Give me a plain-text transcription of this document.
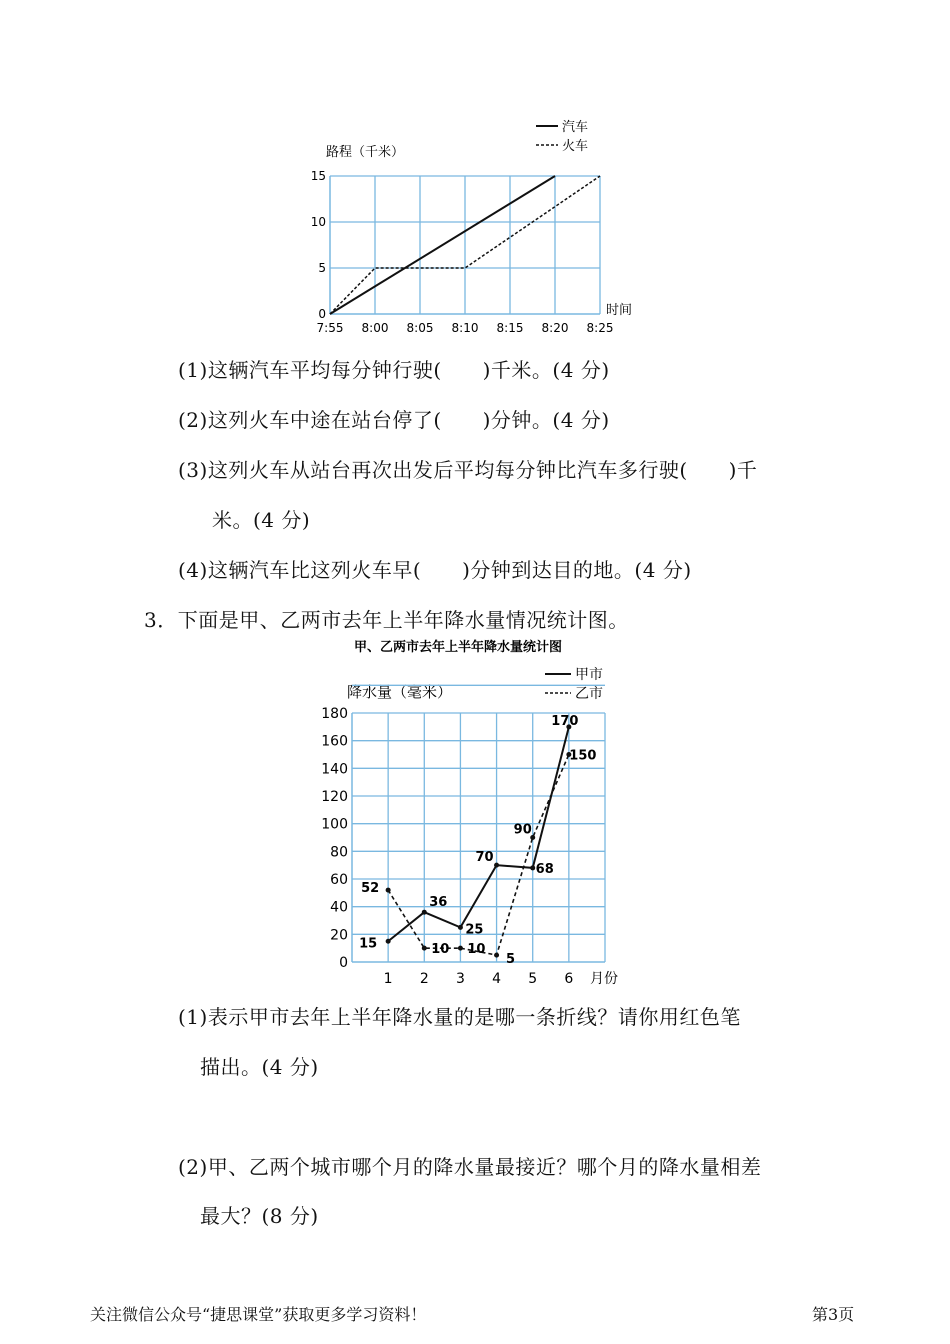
路程（千米）
时间
0
5
10
15
7:55 8:00 8:05 8:10 8:15 8:20 8:25
汽车
火车
(1)这辆汽车平均每分钟行驶(　　)千米。(4 分)
(2)这列火车中途在站台停了(　　)分钟。(4 分)
(3)这列火车从站台再次出发后平均每分钟比汽车多行驶(　　)千
米。(4 分)
(4)这辆汽车比这列火车早(　　)分钟到达目的地。(4 分)
3．下面是甲、乙两市去年上半年降水量情况统计图。
甲、乙两市去年上半年降水量统计图
降水量（毫米）
月份
甲市
乙市
0
20
40
60
80
100
120
140
160
180
1 2 3 4 5 6
15
36
25
70
68
170
52
10 10
5
90
150
(1)表示甲市去年上半年降水量的是哪一条折线？请你用红色笔
描出。(4 分)
(2)甲、乙两个城市哪个月的降水量最接近？哪个月的降水量相差
最大？(8 分)
关注微信公众号“捷思课堂”获取更多学习资料！	第3页
